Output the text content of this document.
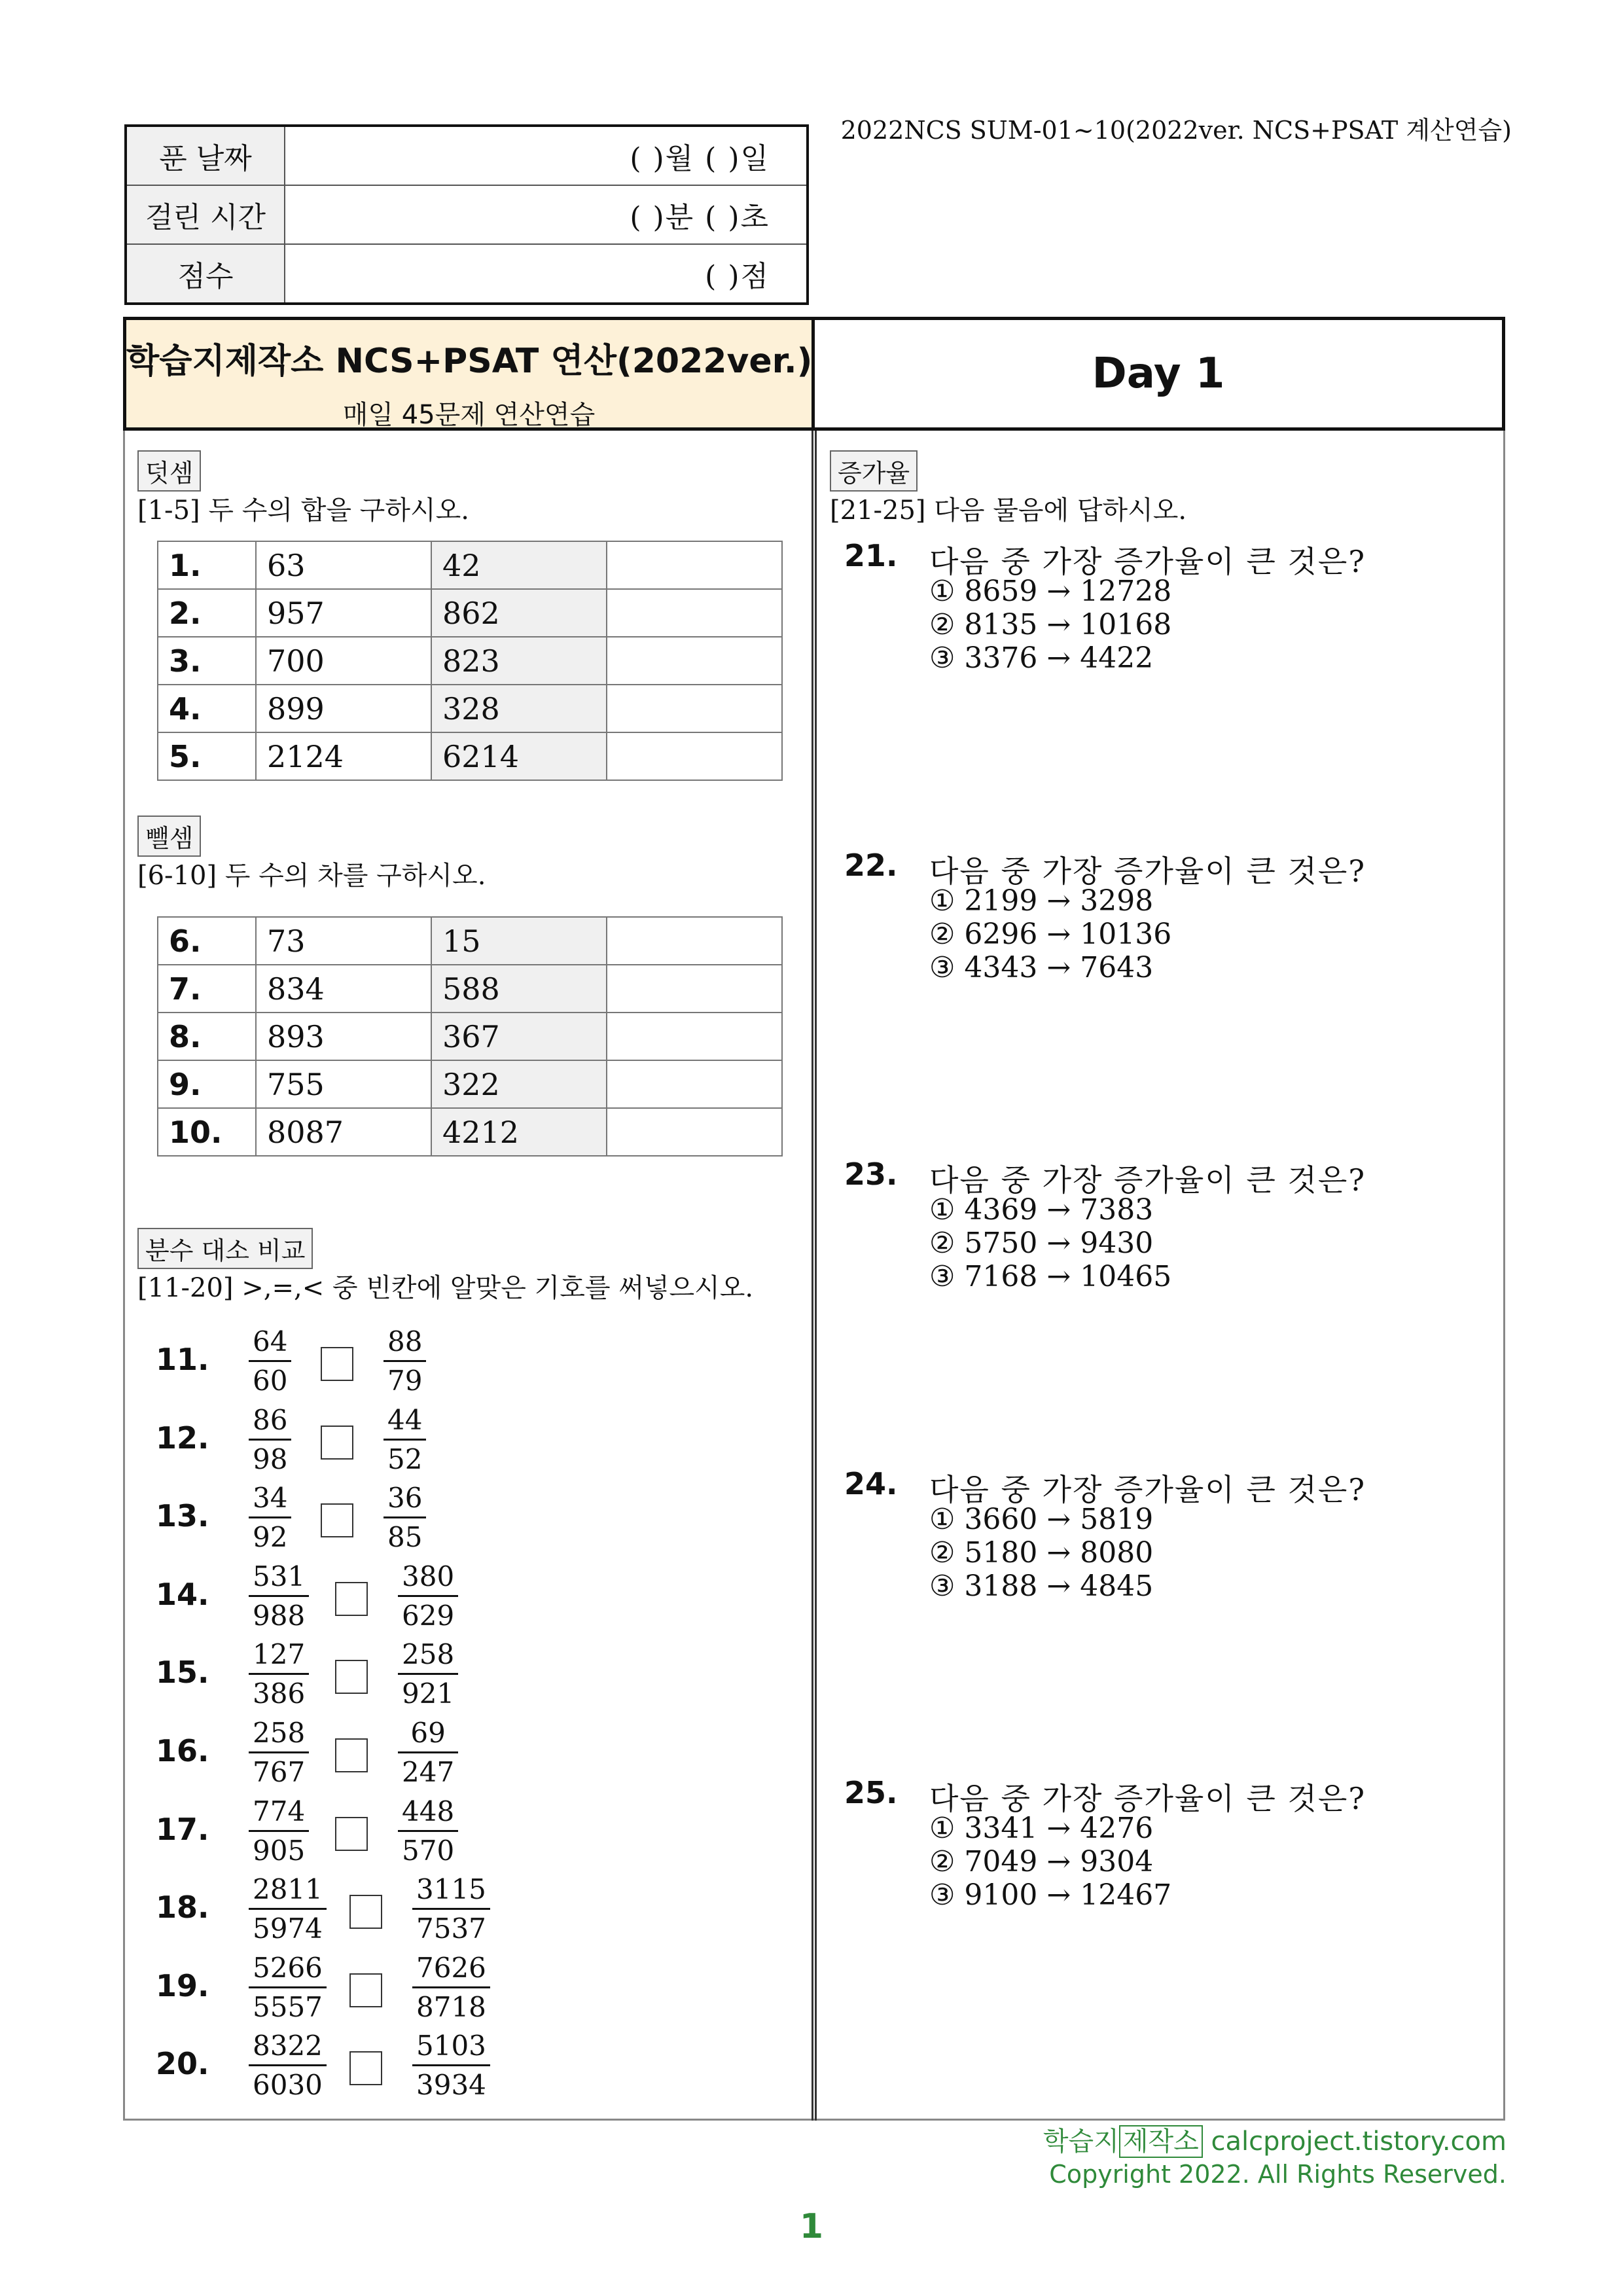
푼 날짜	( )월 ( )일
걸린 시간	( )분 ( )초
점수	( )점
2022NCS SUM-01~10(2022ver. NCS+PSAT 계산연습)
학습지제작소 NCS+PSAT 연산(2022ver.)
매일 45문제 연산연습
Day 1
덧셈
[1-5] 두 수의 합을 구하시오.
1.	63	42	
2.	957	862	
3.	700	823	
4.	899	328	
5.	2124	6214	
뺄셈
[6-10] 두 수의 차를 구하시오.
6.	73	15	
7.	834	588	
8.	893	367	
9.	755	322	
10.	8087	4212	
분수 대소 비교
[11-20] >,=,< 중 빈칸에 알맞은 기호를 써넣으시오.
11. $\frac{64}{60}$	$\frac{88}{79}$
12. $\frac{86}{98}$	$\frac{44}{52}$
13. $\frac{34}{92}$	$\frac{36}{85}$
14. $\frac{531}{988}$	$\frac{380}{629}$
15. $\frac{127}{386}$	$\frac{258}{921}$
16. $\frac{258}{767}$	$\frac{69}{247}$
17. $\frac{774}{905}$	$\frac{448}{570}$
18. $\frac{2811}{5974}$	$\frac{3115}{7537}$
19. $\frac{5266}{5557}$	$\frac{7626}{8718}$
20. $\frac{8322}{6030}$	$\frac{5103}{3934}$
증가율
[21-25] 다음 물음에 답하시오.
21. 다음 중 가장 증가율이 큰 것은?
① 8659 → 12728
② 8135 → 10168
③ 3376 → 4422
22. 다음 중 가장 증가율이 큰 것은?
① 2199 → 3298
② 6296 → 10136
③ 4343 → 7643
23. 다음 중 가장 증가율이 큰 것은?
① 4369 → 7383
② 5750 → 9430
③ 7168 → 10465
24. 다음 중 가장 증가율이 큰 것은?
① 3660 → 5819
② 5180 → 8080
③ 3188 → 4845
25. 다음 중 가장 증가율이 큰 것은?
① 3341 → 4276
② 7049 → 9304
③ 9100 → 12467
학습지 제작소 calcproject.tistory.com
Copyright 2022. All Rights Reserved.
1
